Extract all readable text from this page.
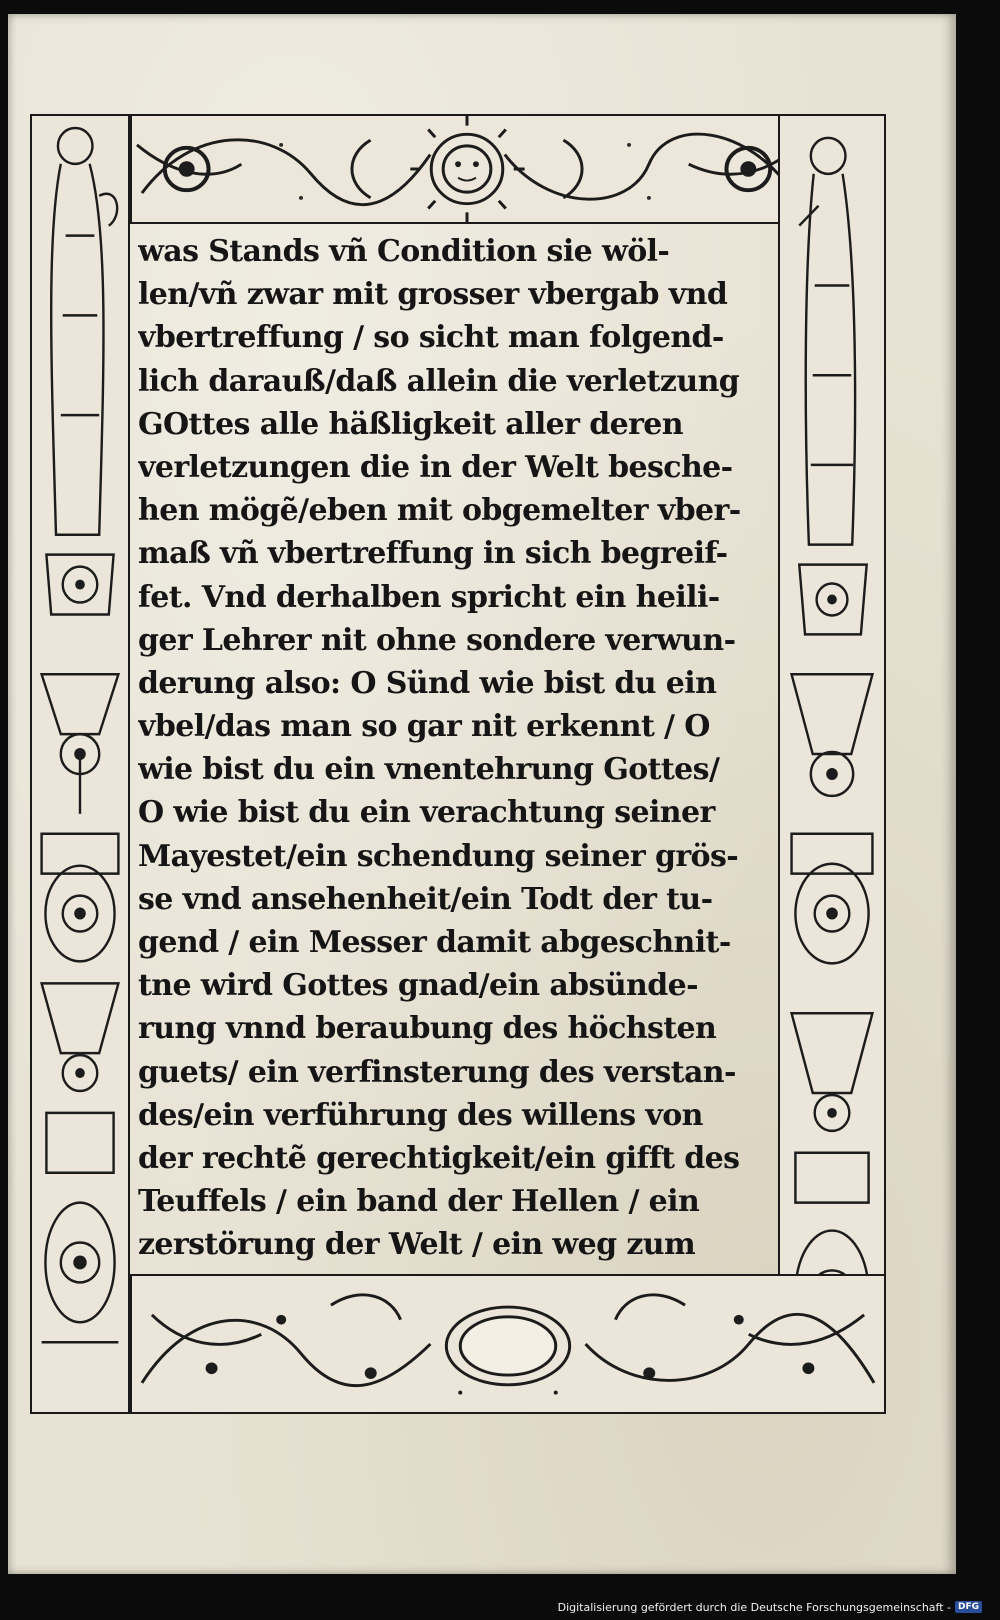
was Stands vñ Condition sie wöl-
len/vñ zwar mit grosser vbergab vnd
vbertreffung / so sicht man folgend-
lich darauß/daß allein die verletzung
GOttes alle häßligkeit aller deren
verletzungen die in der Welt besche-
hen mögẽ/eben mit obgemelter vber-
maß vñ vbertreffung in sich begreif-
fet. Vnd derhalben spricht ein heili-
ger Lehrer nit ohne sondere verwun-
derung also: O Sünd wie bist du ein
vbel/das man so gar nit erkennt / O
wie bist du ein vnentehrung Gottes/
O wie bist du ein verachtung seiner
Mayestet/ein schendung seiner grös-
se vnd ansehenheit/ein Todt der tu-
gend / ein Messer damit abgeschnit-
tne wird Gottes gnad/ein absünde-
rung vnnd beraubung des höchsten
guets/ ein verfinsterung des verstan-
des/ein verführung des willens von
der rechtẽ gerechtigkeit/ein gifft des
Teuffels / ein band der Hellen / ein
zerstörung der Welt / ein weg zum
Digitalisierung gefördert durch die Deutsche Forschungsgemeinschaft - DFG
